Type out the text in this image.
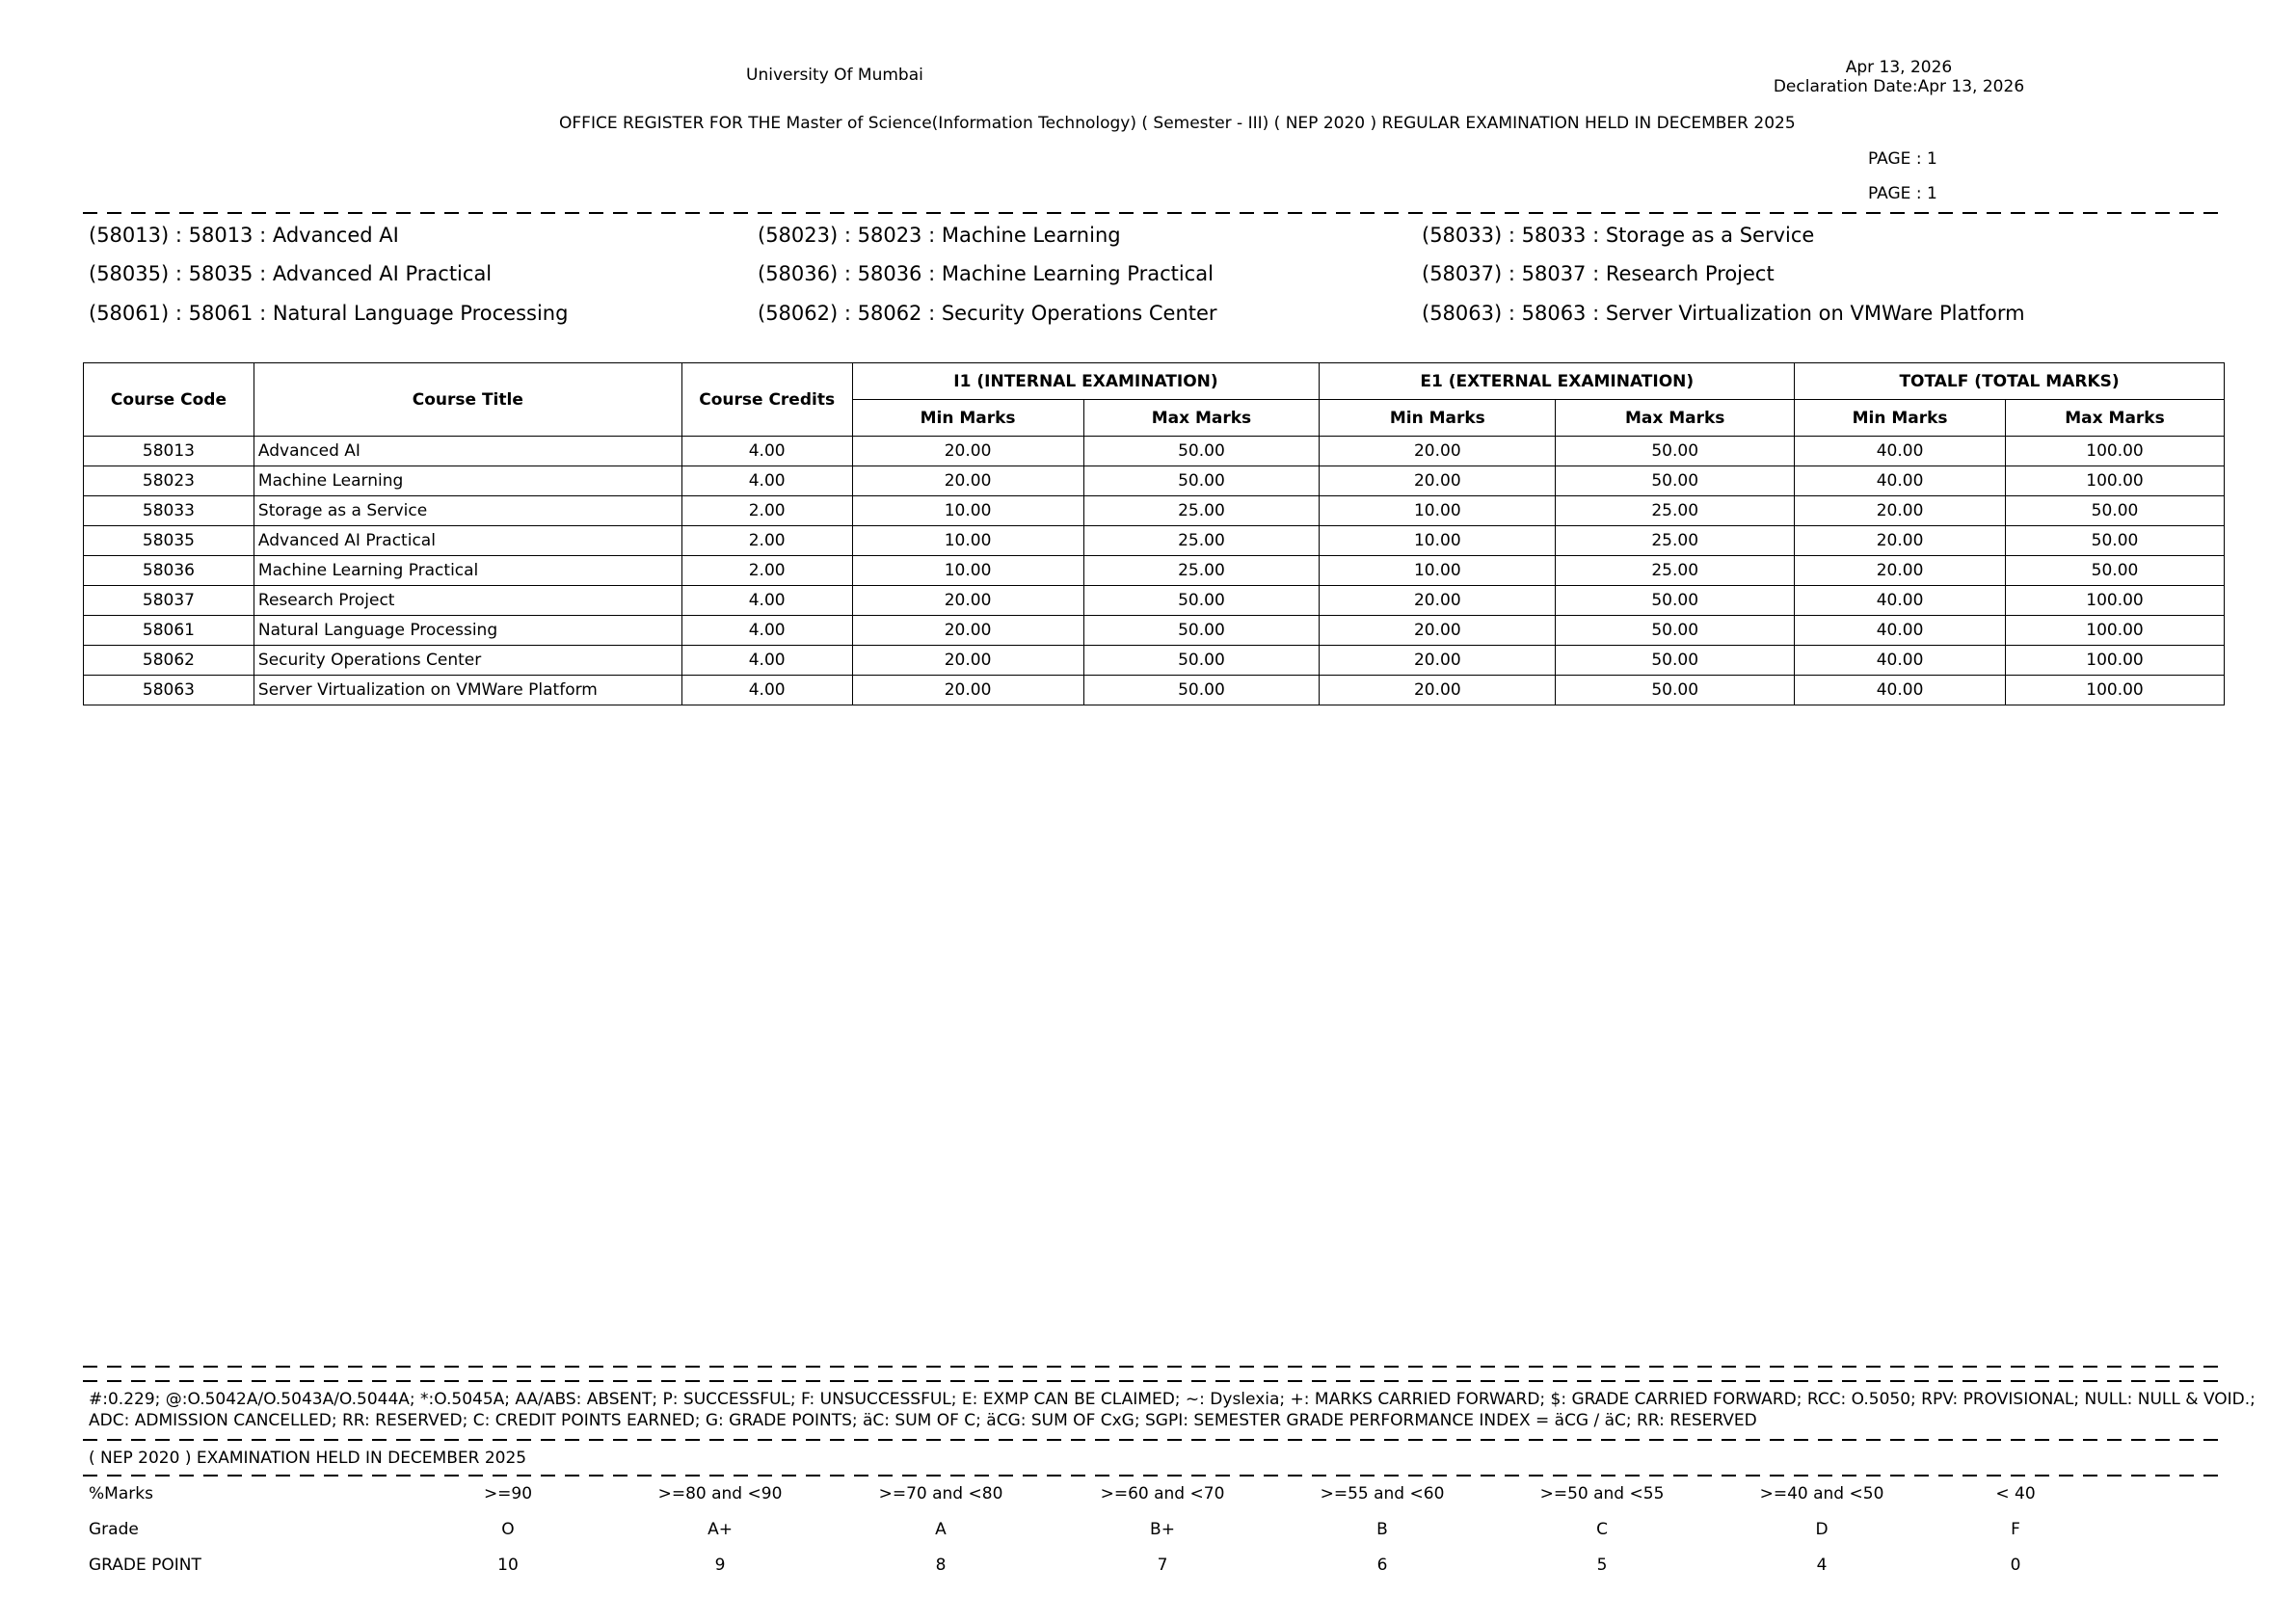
University Of Mumbai	Apr 13, 2026
Declaration Date:Apr 13, 2026
OFFICE REGISTER FOR THE Master of Science(Information Technology) ( Semester - III) ( NEP 2020 ) REGULAR EXAMINATION HELD IN DECEMBER 2025
PAGE : 1
PAGE : 1
(58013) : 58013 : Advanced AI	(58023) : 58023 : Machine Learning	(58033) : 58033 : Storage as a Service
(58035) : 58035 : Advanced AI Practical	(58036) : 58036 : Machine Learning Practical	(58037) : 58037 : Research Project
(58061) : 58061 : Natural Language Processing	(58062) : 58062 : Security Operations Center	(58063) : 58063 : Server Virtualization on VMWare Platform
Course Code	Course Title	Course Credits	I1 (INTERNAL EXAMINATION)		E1 (EXTERNAL EXAMINATION)		TOTALF (TOTAL MARKS)	
			Min Marks	Max Marks	Min Marks	Max Marks	Min Marks	Max Marks
58013	Advanced AI	4.00	20.00	50.00	20.00	50.00	40.00	100.00
58023	Machine Learning	4.00	20.00	50.00	20.00	50.00	40.00	100.00
58033	Storage as a Service	2.00	10.00	25.00	10.00	25.00	20.00	50.00
58035	Advanced AI Practical	2.00	10.00	25.00	10.00	25.00	20.00	50.00
58036	Machine Learning Practical	2.00	10.00	25.00	10.00	25.00	20.00	50.00
58037	Research Project	4.00	20.00	50.00	20.00	50.00	40.00	100.00
58061	Natural Language Processing	4.00	20.00	50.00	20.00	50.00	40.00	100.00
58062	Security Operations Center	4.00	20.00	50.00	20.00	50.00	40.00	100.00
58063	Server Virtualization on VMWare Platform	4.00	20.00	50.00	20.00	50.00	40.00	100.00
#:0.229; @:O.5042A/O.5043A/O.5044A; *:O.5045A; AA/ABS: ABSENT; P: SUCCESSFUL; F: UNSUCCESSFUL; E: EXMP CAN BE CLAIMED; ~: Dyslexia; +: MARKS CARRIED FORWARD; $: GRADE CARRIED FORWARD; RCC: O.5050; RPV: PROVISIONAL; NULL: NULL & VOID.;
ADC: ADMISSION CANCELLED; RR: RESERVED; C: CREDIT POINTS EARNED; G: GRADE POINTS; äC: SUM OF C; äCG: SUM OF CxG; SGPI: SEMESTER GRADE PERFORMANCE INDEX = äCG / äC; RR: RESERVED
( NEP 2020 ) EXAMINATION HELD IN DECEMBER 2025
%Marks	>=90	>=80 and <90	>=70 and <80	>=60 and <70	>=55 and <60	>=50 and <55	>=40 and <50	< 40
Grade	O	A+	A	B+	B	C	D	F
GRADE POINT	10	9	8	7	6	5	4	0
